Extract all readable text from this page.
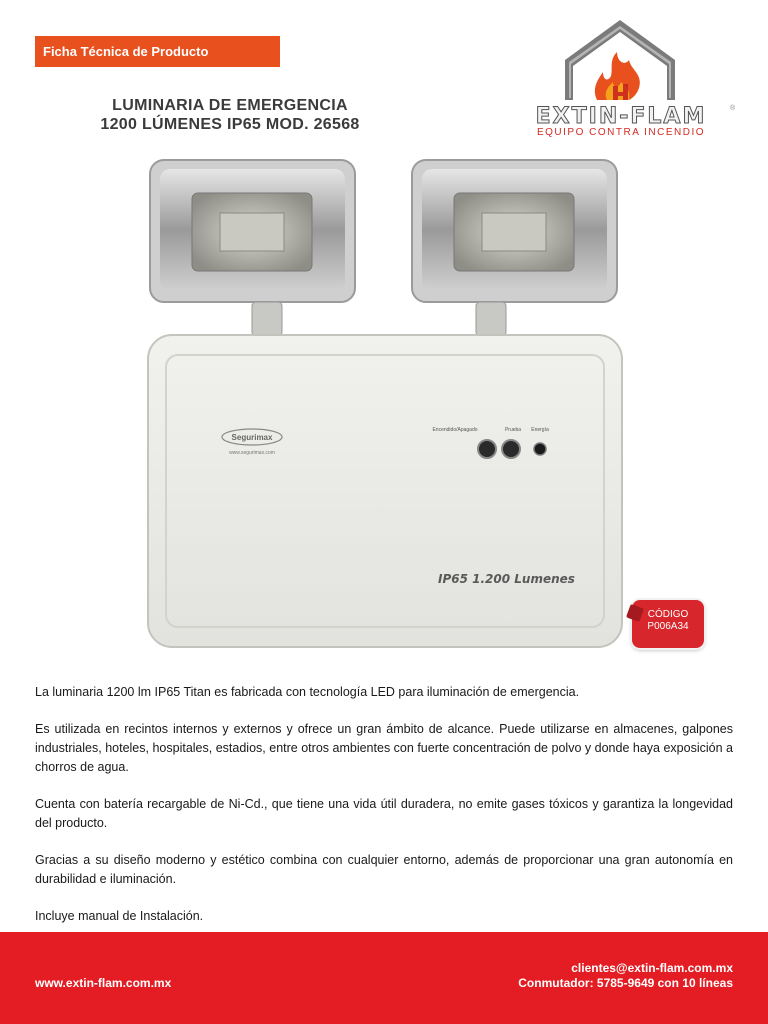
Ficha Técnica de Producto
LUMINARIA DE EMERGENCIA
1200 LÚMENES IP65 MOD. 26568
®
EXTIN-FLAM
EQUIPO CONTRA INCENDIO
Segurimax
www.segurimax.com
Encendido/Apagado	Prueba Energía
IP65 1.200 Lumenes
CÓDIGO
P006A34

La luminaria 1200 lm IP65 Titan es fabricada con tecnología LED para iluminación de emergencia.

Es utilizada en recintos internos y externos y ofrece un gran ámbito de alcance. Puede utilizarse en almacenes, galpones industriales, hoteles, hospitales, estadios, entre otros ambientes con fuerte concentración de polvo y donde haya exposición a chorros de agua.

Cuenta con batería recargable de Ni-Cd., que tiene una vida útil duradera, no emite gases tóxicos y garantiza la longevidad del producto.

Gracias a su diseño moderno y estético combina con cualquier entorno, además de proporcionar una gran autonomía en durabilidad e iluminación.

Incluye manual de Instalación.

www.extin-flam.com.mx
clientes@extin-flam.com.mx
Conmutador: 5785-9649 con 10 líneas
